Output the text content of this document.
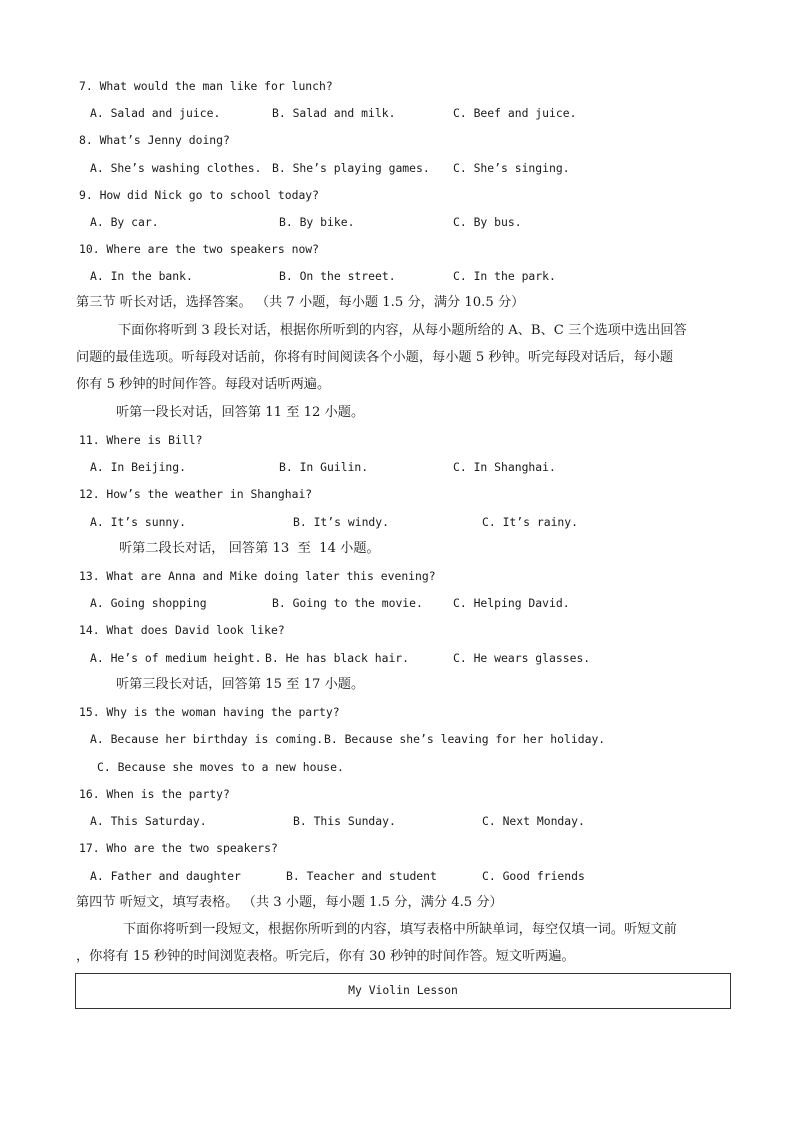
7. What would the man like for lunch?
A. Salad and juice.	B. Salad and milk.	C. Beef and juice.
8. What’s Jenny doing?
A. She’s washing clothes. B. She’s playing games. C. She’s singing.
9. How did Nick go to school today?
A. By car.	B. By bike.	C. By bus.
10. Where are the two speakers now?
A. In the bank.	B. On the street.	C. In the park.
第三节 听长对话，选择答案。 （共 7 小题，每小题 1.5 分，满分 10.5 分）
下面你将听到 3 段长对话，根据你所听到的内容，从每小题所给的 A、B、C 三个选项中选出回答
问题的最佳选项。听每段对话前，你将有时间阅读各个小题，每小题 5 秒钟。听完每段对话后，每小题
你有 5 秒钟的时间作答。每段对话听两遍。
听第一段长对话，回答第 11 至 12 小题。
11. Where is Bill?
A. In Beijing.	B. In Guilin.	C. In Shanghai.
12. How’s the weather in Shanghai?
A. It’s sunny.	B. It’s windy.	C. It’s rainy.
听第二段长对话， 回答第 13  至  14 小题。
13. What are Anna and Mike doing later this evening?
A. Going shopping	B. Going to the movie.	C. Helping David.
14. What does David look like?
A. He’s of medium height. B. He has black hair.	C. He wears glasses.
听第三段长对话，回答第 15 至 17 小题。
15. Why is the woman having the party?
A. Because her birthday is coming. B. Because she’s leaving for her holiday.
C. Because she moves to a new house.
16. When is the party?
A. This Saturday.	B. This Sunday.	C. Next Monday.
17. Who are the two speakers?
A. Father and daughter	B. Teacher and student	C. Good friends
第四节 听短文，填写表格。 （共 3 小题，每小题 1.5 分，满分 4.5 分）
下面你将听到一段短文，根据你所听到的内容，填写表格中所缺单词，每空仅填一词。听短文前
，你将有 15 秒钟的时间浏览表格。听完后，你有 30 秒钟的时间作答。短文听两遍。
My Violin Lesson
